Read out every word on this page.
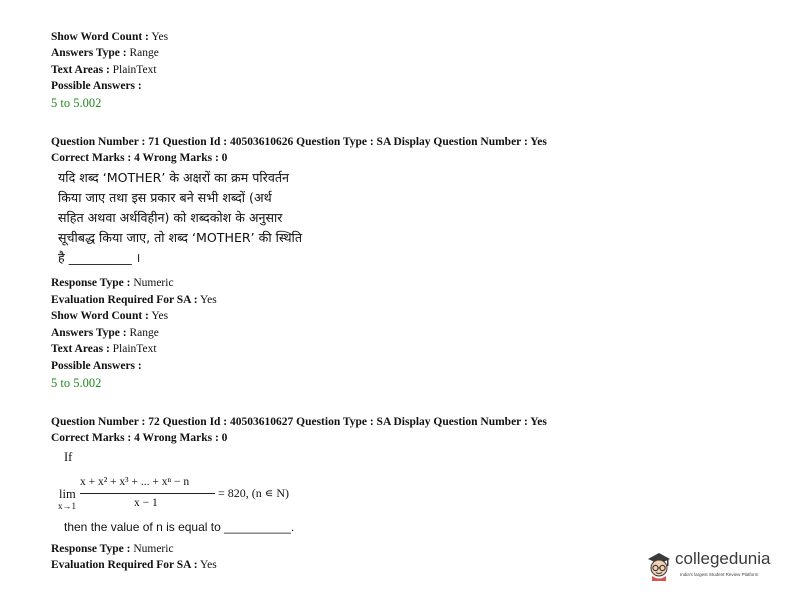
Show Word Count : Yes
Answers Type : Range
Text Areas : PlainText
Possible Answers :
5 to 5.002
Question Number : 71 Question Id : 40503610626 Question Type : SA Display Question Number : Yes
Correct Marks : 4 Wrong Marks : 0
यदि शब्द ‘MOTHER’ के अक्षरों का क्रम परिवर्तन
किया जाए तथा इस प्रकार बने सभी शब्दों (अर्थ
सहित अथवा अर्थविहीन) को शब्दकोश के अनुसार
सूचीबद्ध किया जाए, तो शब्द ‘MOTHER’ की स्थिति
है __________ ।
Response Type : Numeric
Evaluation Required For SA : Yes
Show Word Count : Yes
Answers Type : Range
Text Areas : PlainText
Possible Answers :
5 to 5.002
Question Number : 72 Question Id : 40503610627 Question Type : SA Display Question Number : Yes
Correct Marks : 4 Wrong Marks : 0
If
lim
x→1
x + x² + x³ + ... + xⁿ − n
x − 1
= 820, (n ∊ N)
then the value of n is equal to __________.
Response Type : Numeric
Evaluation Required For SA : Yes	collegedunia
India's largest Student Review Platform
